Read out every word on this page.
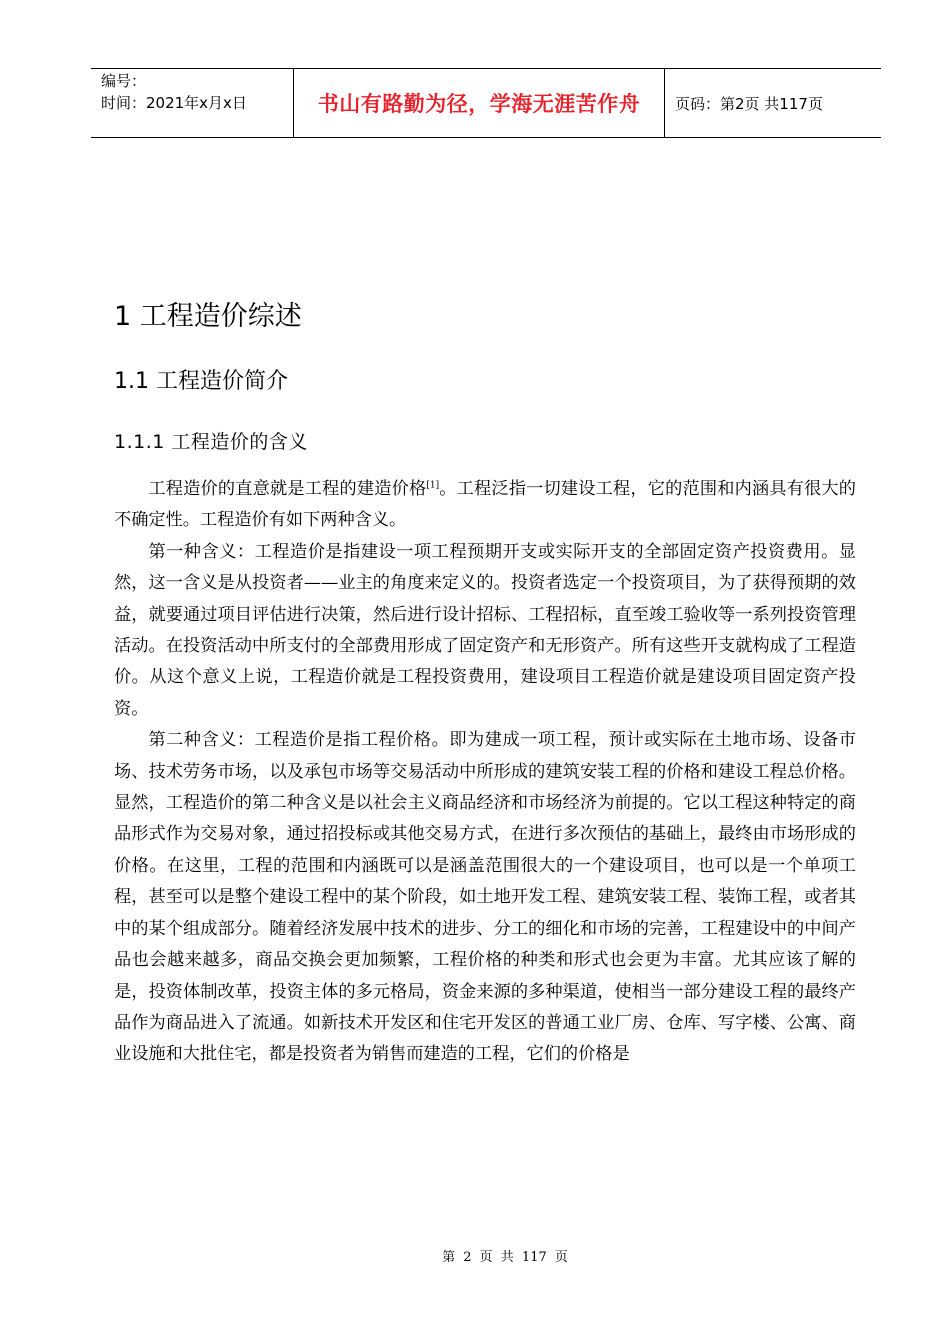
编号：
时间：2021年x月x日	书山有路勤为径，学海无涯苦作舟 页码：第2页 共117页
1 工程造价综述
1.1 工程造价简介
1.1.1 工程造价的含义

工程造价的直意就是工程的建造价格[1]。工程泛指一切建设工程，它的范围和内涵具有很大的不确定性。工程造价有如下两种含义。

第一种含义：工程造价是指建设一项工程预期开支或实际开支的全部固定资产投资费用。显然，这一含义是从投资者——业主的角度来定义的。投资者选定一个投资项目，为了获得预期的效益，就要通过项目评估进行决策，然后进行设计招标、工程招标，直至竣工验收等一系列投资管理活动。在投资活动中所支付的全部费用形成了固定资产和无形资产。所有这些开支就构成了工程造价。从这个意义上说，工程造价就是工程投资费用，建设项目工程造价就是建设项目固定资产投资。

第二种含义：工程造价是指工程价格。即为建成一项工程，预计或实际在土地市场、设备市场、技术劳务市场，以及承包市场等交易活动中所形成的建筑安装工程的价格和建设工程总价格。显然，工程造价的第二种含义是以社会主义商品经济和市场经济为前提的。它以工程这种特定的商品形式作为交易对象，通过招投标或其他交易方式，在进行多次预估的基础上，最终由市场形成的价格。在这里，工程的范围和内涵既可以是涵盖范围很大的一个建设项目，也可以是一个单项工程，甚至可以是整个建设工程中的某个阶段，如土地开发工程、建筑安装工程、装饰工程，或者其中的某个组成部分。随着经济发展中技术的进步、分工的细化和市场的完善，工程建设中的中间产品也会越来越多，商品交换会更加频繁，工程价格的种类和形式也会更为丰富。尤其应该了解的是，投资体制改革，投资主体的多元格局，资金来源的多种渠道，使相当一部分建设工程的最终产品作为商品进入了流通。如新技术开发区和住宅开发区的普通工业厂房、仓库、写字楼、公寓、商业设施和大批住宅，都是投资者为销售而建造的工程，它们的价格是

第 2 页 共 117 页
